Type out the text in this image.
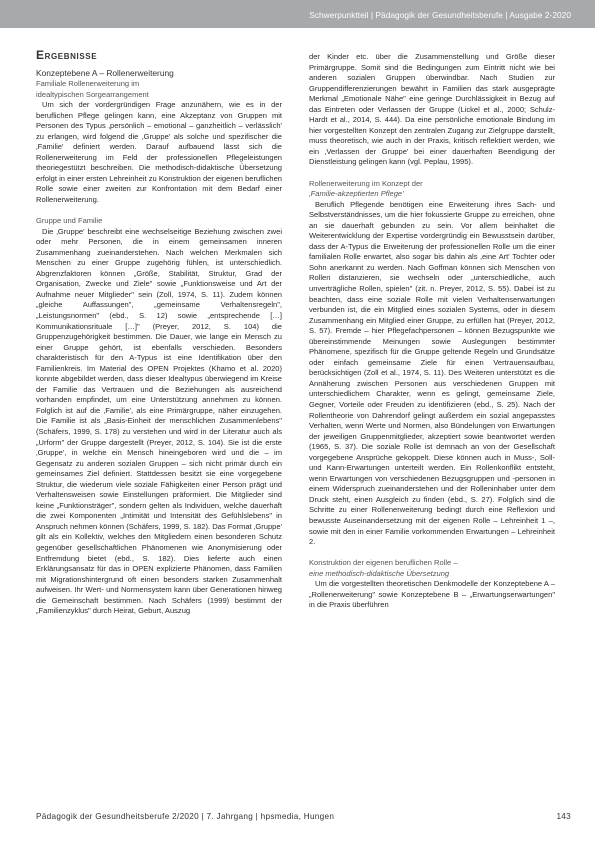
Schwerpunktteil | Pädagogik der Gesundheitsberufe | Ausgabe 2-2020
Ergebnisse

Konzeptebene A – Rollenerweiterung

Familiale Rollenerweiterung im

idealtypischen Sorgearrangement

Um sich der vordergründigen Frage anzunähern, wie es in der beruflichen Pflege gelingen kann, eine Akzeptanz von Gruppen mit Personen des Typus ‚persönlich – emotional – ganzheitlich – verlässlich' zu erlangen, wird folgend die ‚Gruppe' als solche und spezifischer die ‚Familie' definiert werden. Darauf aufbauend lässt sich die Rollenerweiterung im Feld der professionellen Pflegeleistungen theoriegestützt beschreiben. Die methodisch-didaktische Übersetzung erfolgt in einer ersten Lehreinheit zu Konstruktion der eigenen beruflichen Rolle sowie einer zweiten zur Konfrontation mit dem Bedarf einer Rollenerweiterung.

Gruppe und Familie

Die ‚Gruppe' beschreibt eine wechselseitige Beziehung zwischen zwei oder mehr Personen, die in einem gemeinsamen inneren Zusammenhang zueinanderstehen. Nach welchen Merkmalen sich Menschen zu einer Gruppe zugehörig fühlen, ist unterschiedlich. Abgrenzfaktoren können „Größe, Stabilität, Struktur, Grad der Organisation, Zwecke und Ziele" sowie „Funktionsweise und Art der Aufnahme neuer Mitglieder" sein (Zoll, 1974, S. 11). Zudem können „gleiche Auffassungen", „gemeinsame Verhaltensregeln", „Leistungsnormen" (ebd., S. 12) sowie „entsprechende […] Kommunikationsrituale […]" (Preyer, 2012, S. 104) die Gruppenzugehörigkeit bestimmen. Die Dauer, wie lange ein Mensch zu einer Gruppe gehört, ist ebenfalls verschieden. Besonders charakteristisch für den A-Typus ist eine Identifikation über den Familienkreis. Im Material des OPEN Projektes (Khamo et al. 2020) konnte abgebildet werden, dass dieser Idealtypus überwiegend im Kreise der Familie das Vertrauen und die Beziehungen als ausreichend vorhanden empfindet, um eine Unterstützung annehmen zu können. Folglich ist auf die ‚Familie', als eine Primärgruppe, näher einzugehen. Die Familie ist als „Basis-Einheit der menschlichen Zusammenlebens" (Schäfers, 1999, S. 178) zu verstehen und wird in der Literatur auch als „Urform" der Gruppe dargestellt (Preyer, 2012, S. 104). Sie ist die erste ‚Gruppe', in welche ein Mensch hineingeboren wird und die – im Gegensatz zu anderen sozialen Gruppen – sich nicht primär durch ein gemeinsames Ziel definiert. Stattdessen besitzt sie eine vorgegebene Struktur, die wiederum viele soziale Fähigkeiten einer Person prägt und Verhaltensweisen sowie Einstellungen präformiert. Die Mitglieder sind keine „Funktionsträger", sondern gelten als Individuen, welche dauerhaft die zwei Komponenten „Intimität und Intensität des Gefühlslebens" in Anspruch nehmen können (Schäfers, 1999, S. 182). Das Format ‚Gruppe' gilt als ein Kollektiv, welches den Mitgliedern einen besonderen Schutz gegenüber gesellschaftlichen Phänomenen wie Anonymisierung oder Entfremdung bietet (ebd., S. 182). Dies lieferte auch einen Erklärungsansatz für das in OPEN explizierte Phänomen, dass Familien mit Migrationshintergrund oft einen besonders starken Zusammenhalt aufweisen. Ihr Wert- und Normensystem kann über Generationen hinweg die Gemeinschaft bestimmen. Nach Schäfers (1999) bestimmt der „Familienzyklus" durch Heirat, Geburt, Auszug

der Kinder etc. über die Zusammenstellung und Größe dieser Primärgruppe. Somit sind die Bedingungen zum Eintritt nicht wie bei anderen sozialen Gruppen überwindbar. Nach Studien zur Gruppendifferenzierungen bewährt in Familien das stark ausgeprägte Merkmal „Emotionale Nähe" eine geringe Durchlässigkeit in Bezug auf das Eintreten oder Verlassen der Gruppe (Lickel et al., 2000; Schulz-Hardt et al., 2014, S. 444). Da eine persönliche emotionale Bindung im hier vorgestellten Konzept den zentralen Zugang zur Zielgruppe darstellt, muss theoretisch, wie auch in der Praxis, kritisch reflektiert werden, wie ein ‚Verlassen der Gruppe' bei einer dauerhaften Beendigung der Dienstleistung gelingen kann (vgl. Peplau, 1995).

Rollenerweiterung im Konzept der

‚Familie-akzeptierten Pflege'

Beruflich Pflegende benötigen eine Erweiterung ihres Sach- und Selbstverständnisses, um die hier fokussierte Gruppe zu erreichen, ohne an sie dauerhaft gebunden zu sein. Vor allem beinhaltet die Weiterentwicklung der Expertise vordergründig ein Bewusstsein darüber, dass der A-Typus die Erweiterung der professionellen Rolle um die einer familialen Rolle erwartet, also sogar bis dahin als ‚eine Art' Tochter oder Sohn anerkannt zu werden. Nach Goffman können sich Menschen von Rollen distanzieren, sie wechseln oder „unterschiedliche, auch unverträgliche Rollen, spielen" (zit. n. Preyer, 2012, S. 55). Dabei ist zu beachten, dass eine soziale Rolle mit vielen Verhaltenserwartungen verbunden ist, die ein Mitglied eines sozialen Systems, oder in diesem Zusammenhang ein Mitglied einer Gruppe, zu erfüllen hat (Preyer, 2012, S. 57). Fremde – hier Pflegefachpersonen – können Bezugspunkte wie übereinstimmende Meinungen sowie Auslegungen bestimmter Phänomene, spezifisch für die Gruppe geltende Regeln und Grundsätze oder einfach gemeinsame Ziele für einen Vertrauensaufbau, berücksichtigen (Zoll et al., 1974, S. 11). Des Weiteren unterstützt es die Annäherung zwischen Personen aus verschiedenen Gruppen mit unterschiedlichem Charakter, wenn es gelingt, gemeinsame Ziele, Gegner, Vorteile oder Freuden zu identifizieren (ebd., S. 25). Nach der Rollentheorie von Dahrendorf gelingt außerdem ein sozial angepasstes Verhalten, wenn Werte und Normen, also Bündelungen von Erwartungen der jeweiligen Gruppenmitglieder, akzeptiert sowie beantwortet werden (1965, S. 37). Die soziale Rolle ist demnach an von der Gesellschaft vorgegebene Ansprüche gekoppelt. Diese können auch in Muss-, Soll- und Kann-Erwartungen unterteilt werden. Ein Rollenkonflikt entsteht, wenn Erwartungen von verschiedenen Bezugsgruppen und -personen in einem Widerspruch zueinanderstehen und der Rolleninhaber unter dem Druck steht, einen Ausgleich zu finden (ebd., S. 27). Folglich sind die Schritte zu einer Rollenerweiterung bedingt durch eine Reflexion und bewusste Auseinandersetzung mit der eigenen Rolle – Lehreinheit 1 –, sowie mit den in einer Familie vorkommenden Erwartungen – Lehreinheit 2.

Konstruktion der eigenen beruflichen Rolle –

eine methodisch-didaktische Übersetzung

Um die vorgestellten theoretischen Denkmodelle der Konzeptebene A – „Rollenerweiterung" sowie Konzeptebene B – „Erwartungserwartungen" in die Praxis überführen

Pädagogik der Gesundheitsberufe 2/2020 | 7. Jahrgang | hpsmedia, Hungen	143
